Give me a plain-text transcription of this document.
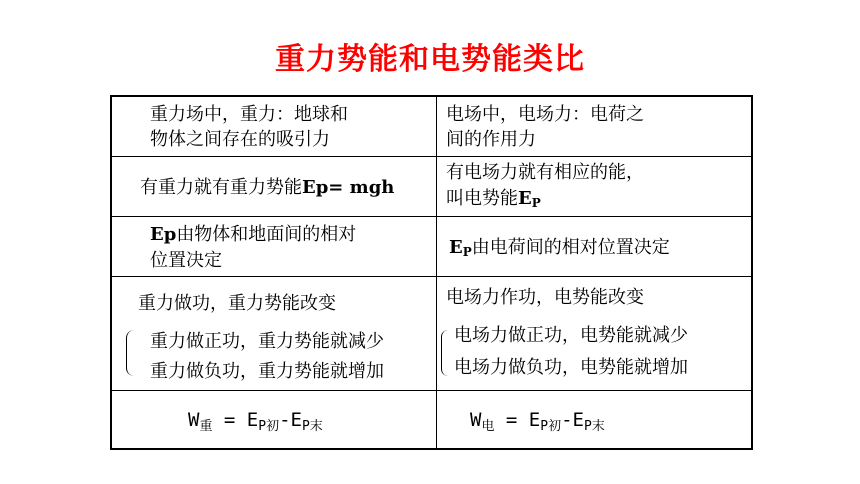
重力势能和电势能类比
重力场中，重力：地球和
物体之间存在的吸引力
电场中，电场力：电荷之
间的作用力
有重力就有重力势能Ep= mgh
有电场力就有相应的能，
叫电势能$E_P$
Ep由物体和地面间的相对
位置决定
$E_P$由电荷间的相对位置决定
重力做功，重力势能改变
重力做正功，重力势能就减少
重力做负功，重力势能就增加
电场力作功，电势能改变
电场力做正功，电势能就减少
电场力做负功，电势能就增加
$W_重 = E_{P初}-E_{P末}$	$W_电 = E_{P初}-E_{P末}$
